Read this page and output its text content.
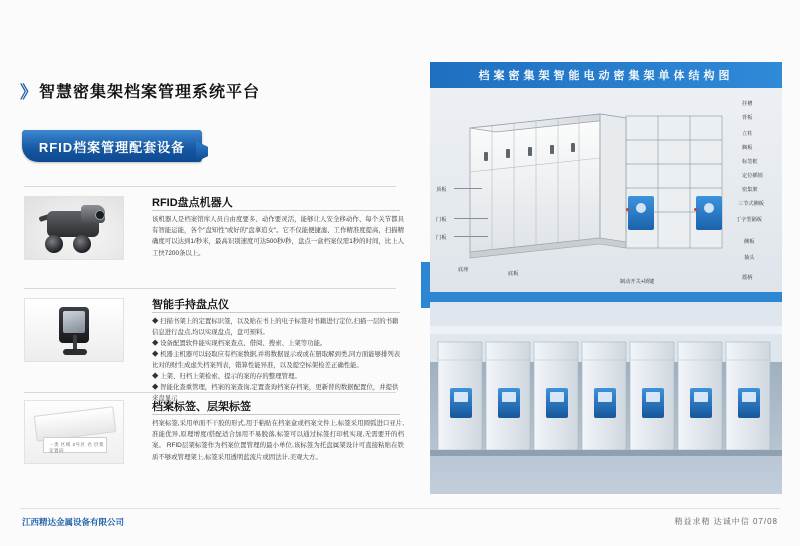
》 智慧密集架档案管理系统平台
RFID档案管理配套设备
RFID盘点机器人

该机器人是档案馆库人员自由度要多、动作要灵活，能够让人安全移动作、每个关节都具有智能运能，各个"盘知性"或好的"盘拿追女"。它不仅能便捷滤、工作精准度提高，扫描精确度可以达到1/秒米，最高识别速度可达500秒/秒，盘点一盒档案仅需1秒的时间，比上人工快7200条以上。

智能手持盘点仪
◆ 扫描书架上的定置标识签，以及贴在书上的电子标签对书籍进行定位,扫描一层的书籍信息进行盘点,均以实现盘点，盘可预料。
◆ 设备配置软件能实现档案查点、借阅、搜索、上架等功能。
◆ 机器主机器可以轻取应有档案数据,并将数据显示或或在册取解到类,同方面能够排列表比对的财生成虑失档案列表，错算性能异准，以及提空标架检差正确性能。
◆ 上架、归档上架检索、提示的案的存的整理管理。
◆ 智能化查重管理，档案的案查询,定置查询档案存档案，更新替的数据配置位，并提供来盘显示
一类 区域 2号区 名 层架 定置码
档案标签、层架标签

档案标签,采用单面不干胶的形式,用于粘贴在档案盒或档案文件上,标签采用圆弧进口亚片,准能优异,原理增度/搭配适合加用不易脱落,标签可以通过标签打印机实现,无需要开的档案。 RFID层架标签作为档案位置管理的最小单位,该标签为托盘属架设计可直接粘贴在铁质不够或管理架上,标签采用透明蓝流片或固法计,美观大方。

江西精达金属设备有限公司	精益求精 达诚中信 07/08
档案密集架智能电动密集架单体结构图
顶板
门板
门板
底座
底板
挂槽
背板
立柱
搁板
标签框
定位插销
密集架
三节式侧板
丁字型隔板
侧板
抽头
摇柄
制动开关+锁键
